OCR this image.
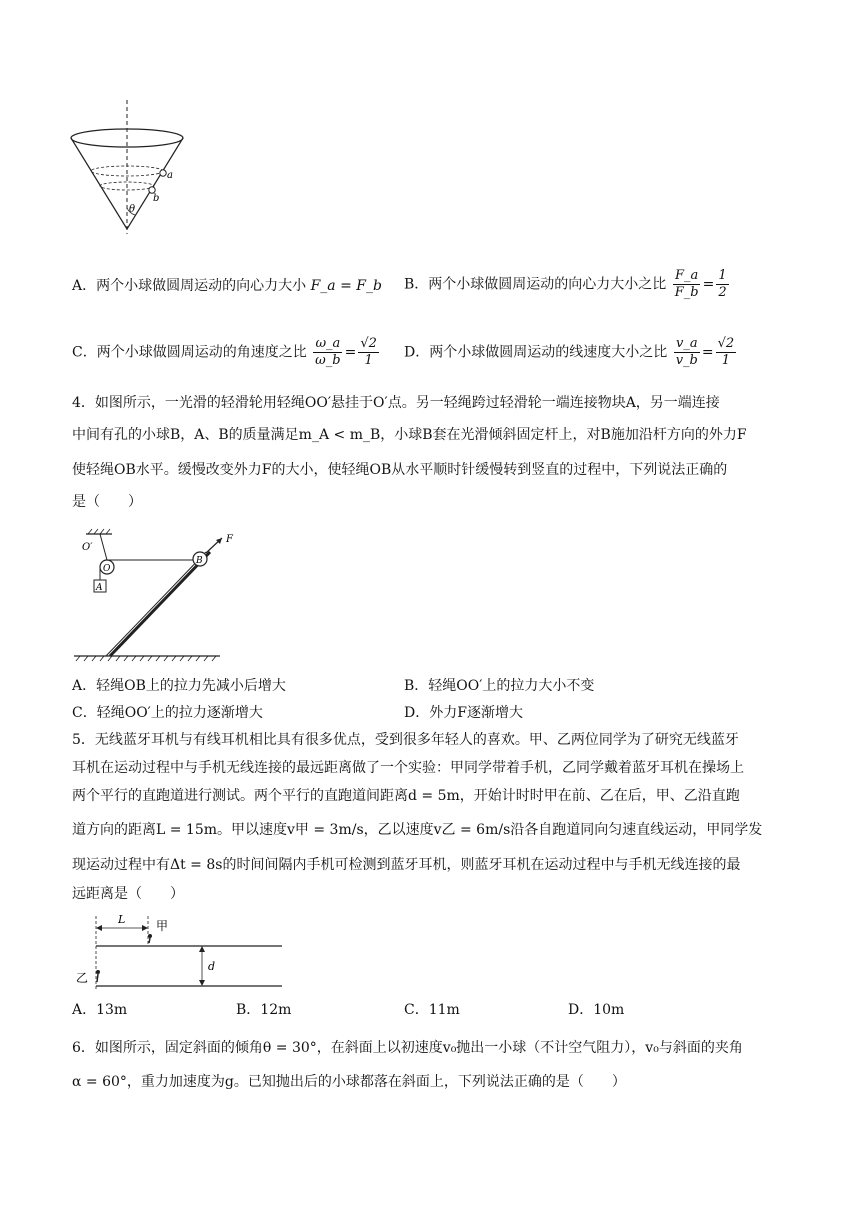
a
b
θ
A．两个小球做圆周运动的向心力大小 F_a = F_b B．两个小球做圆周运动的向心力大小之比 $\frac{F\_a}{F\_b} = \frac{1}{2}$
C．两个小球做圆周运动的角速度之比 $\frac{\omega\_a}{\omega\_b} = \frac{√2}{1}$ D．两个小球做圆周运动的线速度大小之比 $\frac{v\_a}{v\_b} = \frac{√2}{1}$
4．如图所示，一光滑的轻滑轮用轻绳OO′悬挂于O′点。另一轻绳跨过轻滑轮一端连接物块A，另一端连接
中间有孔的小球B，A、B的质量满足m_A < m_B，小球B套在光滑倾斜固定杆上，对B施加沿杆方向的外力F
使轻绳OB水平。缓慢改变外力F的大小，使轻绳OB从水平顺时针缓慢转到竖直的过程中，下列说法正确的
是（　　）
O′
O
A
B
F
A．轻绳OB上的拉力先减小后增大	B．轻绳OO′上的拉力大小不变
C．轻绳OO′上的拉力逐渐增大	D．外力F逐渐增大
5．无线蓝牙耳机与有线耳机相比具有很多优点，受到很多年轻人的喜欢。甲、乙两位同学为了研究无线蓝牙
耳机在运动过程中与手机无线连接的最远距离做了一个实验：甲同学带着手机，乙同学戴着蓝牙耳机在操场上
两个平行的直跑道进行测试。两个平行的直跑道间距离d = 5m，开始计时时甲在前、乙在后，甲、乙沿直跑
道方向的距离L = 15m。甲以速度v甲 = 3m/s，乙以速度v乙 = 6m/s沿各自跑道同向匀速直线运动，甲同学发
现运动过程中有Δt = 8s的时间间隔内手机可检测到蓝牙耳机，则蓝牙耳机在运动过程中与手机无线连接的最
远距离是（　　）
L	甲
乙
d
A．13m	B．12m	C．11m	D．10m
6．如图所示，固定斜面的倾角θ = 30°，在斜面上以初速度v₀抛出一小球（不计空气阻力），v₀与斜面的夹角
α = 60°，重力加速度为g。已知抛出后的小球都落在斜面上，下列说法正确的是（　　）
